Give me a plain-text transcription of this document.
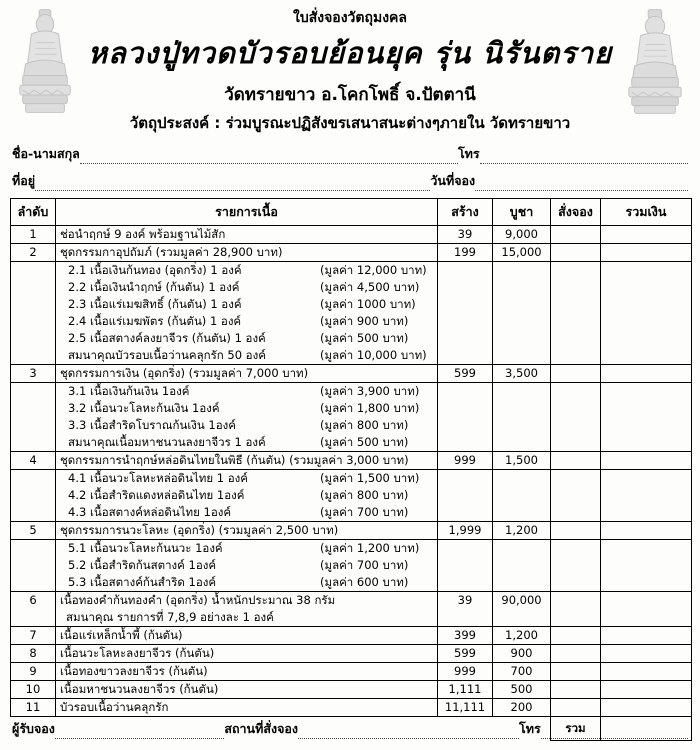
ใบสั่งจองวัตถุมงคล
หลวงปู่ทวดบัวรอบย้อนยุค รุ่น นิรันตราย
วัดทรายขาว อ.โคกโพธิ์ จ.ปัตตานี
วัตถุประสงค์ : ร่วมบูรณะปฏิสังขรเสนาสนะต่างๆภายใน วัดทรายขาว
ชื่อ-นามสกุล	โทร
ที่อยู่	วันที่จอง
ลำดับ	รายการเนื้อ	สร้าง	บูชา	สั่งจอง	รวมเงิน
1	ช่อนำฤกษ์ 9 องค์ พร้อมฐานไม้สัก	39	9,000		
2	ชุดกรรมกาอุปถัมภ์ (รวมมูลค่า 28,900 บาท)	199	15,000		

2.1 เนื้อเงินก้นทอง (อุดกริ่ง) 1 องค์	(มูลค่า 12,000 บาท)
2.2 เนื้อเงินนำฤกษ์ (ก้นตัน) 1 องค์	(มูลค่า 4,500 บาท)
2.3 เนื้อแร่เมฆสิทธิ์ (ก้นตัน) 1 องค์	(มูลค่า 1000 บาท)
2.4 เนื้อแร่เมฆพัตร (ก้นตัน) 1 องค์	(มูลค่า 900 บาท)
2.5 เนื้อสตางค์ลงยาจีวร (ก้นตัน) 1 องค์	(มูลค่า 500 บาท)
สมนาคุณบัวรอบเนื้อว่านคลุกรัก 50 องค์	(มูลค่า 10,000 บาท)

3	ชุดกรรมการเงิน (อุดกริ่ง) (รวมมูลค่า 7,000 บาท)	599	3,500		

3.1 เนื้อเงินก้นเงิน 1องค์	(มูลค่า 3,900 บาท)
3.2 เนื้อนวะโลหะก้นเงิน 1องค์	(มูลค่า 1,800 บาท)
3.3 เนื้อสำริดโบราณก้นเงิน 1องค์	(มูลค่า 800 บาท)
สมนาคุณเนื้อมหาชนวนลงยาจีวร 1 องค์	(มูลค่า 500 บาท)

4	ชุดกรรมการนำฤกษ์หล่อดินไทยในพิธี (ก้นตัน) (รวมมูลค่า 3,000 บาท)	999	1,500		

4.1 เนื้อนวะโลหะหล่อดินไทย 1 องค์	(มูลค่า 1,500 บาท)
4.2 เนื้อสำริดแดงหล่อดินไทย 1องค์	(มูลค่า 800 บาท)
4.3 เนื้อสตางค์หล่อดินไทย 1องค์	(มูลค่า 700 บาท)

5	ชุดกรรมการนวะโลหะ (อุดกริ่ง) (รวมมูลค่า 2,500 บาท)	1,999	1,200		

5.1 เนื้อนวะโลหะก้นนวะ 1องค์	(มูลค่า 1,200 บาท)
5.2 เนื้อสำริดก้นสตางค์ 1องค์	(มูลค่า 700 บาท)
5.3 เนื้อสตางค์ก้นสำริด 1องค์	(มูลค่า 600 บาท)

6	เนื้อทองคำก้นทองคำ (อุดกริ่ง) น้ำหนักประมาณ 38 กรัม
สมนาคุณ รายการที่ 7,8,9 อย่างละ 1 องค์	39	90,000		
7	เนื้อแร่เหล็กน้ำพี้ (ก้นตัน)	399	1,200		
8	เนื้อนวะโลหะลงยาจีวร (ก้นตัน)	599	900		
9	เนื้อทองขาวลงยาจีวร (ก้นตัน)	999	700		
10	เนื้อมหาชนวนลงยาจีวร (ก้นตัน)	1,111	500		
11	บัวรอบเนื้อว่านคลุกรัก	11,111	200		
				รวม	
ผู้รับจอง	สถานที่สั่งจอง	โทร
